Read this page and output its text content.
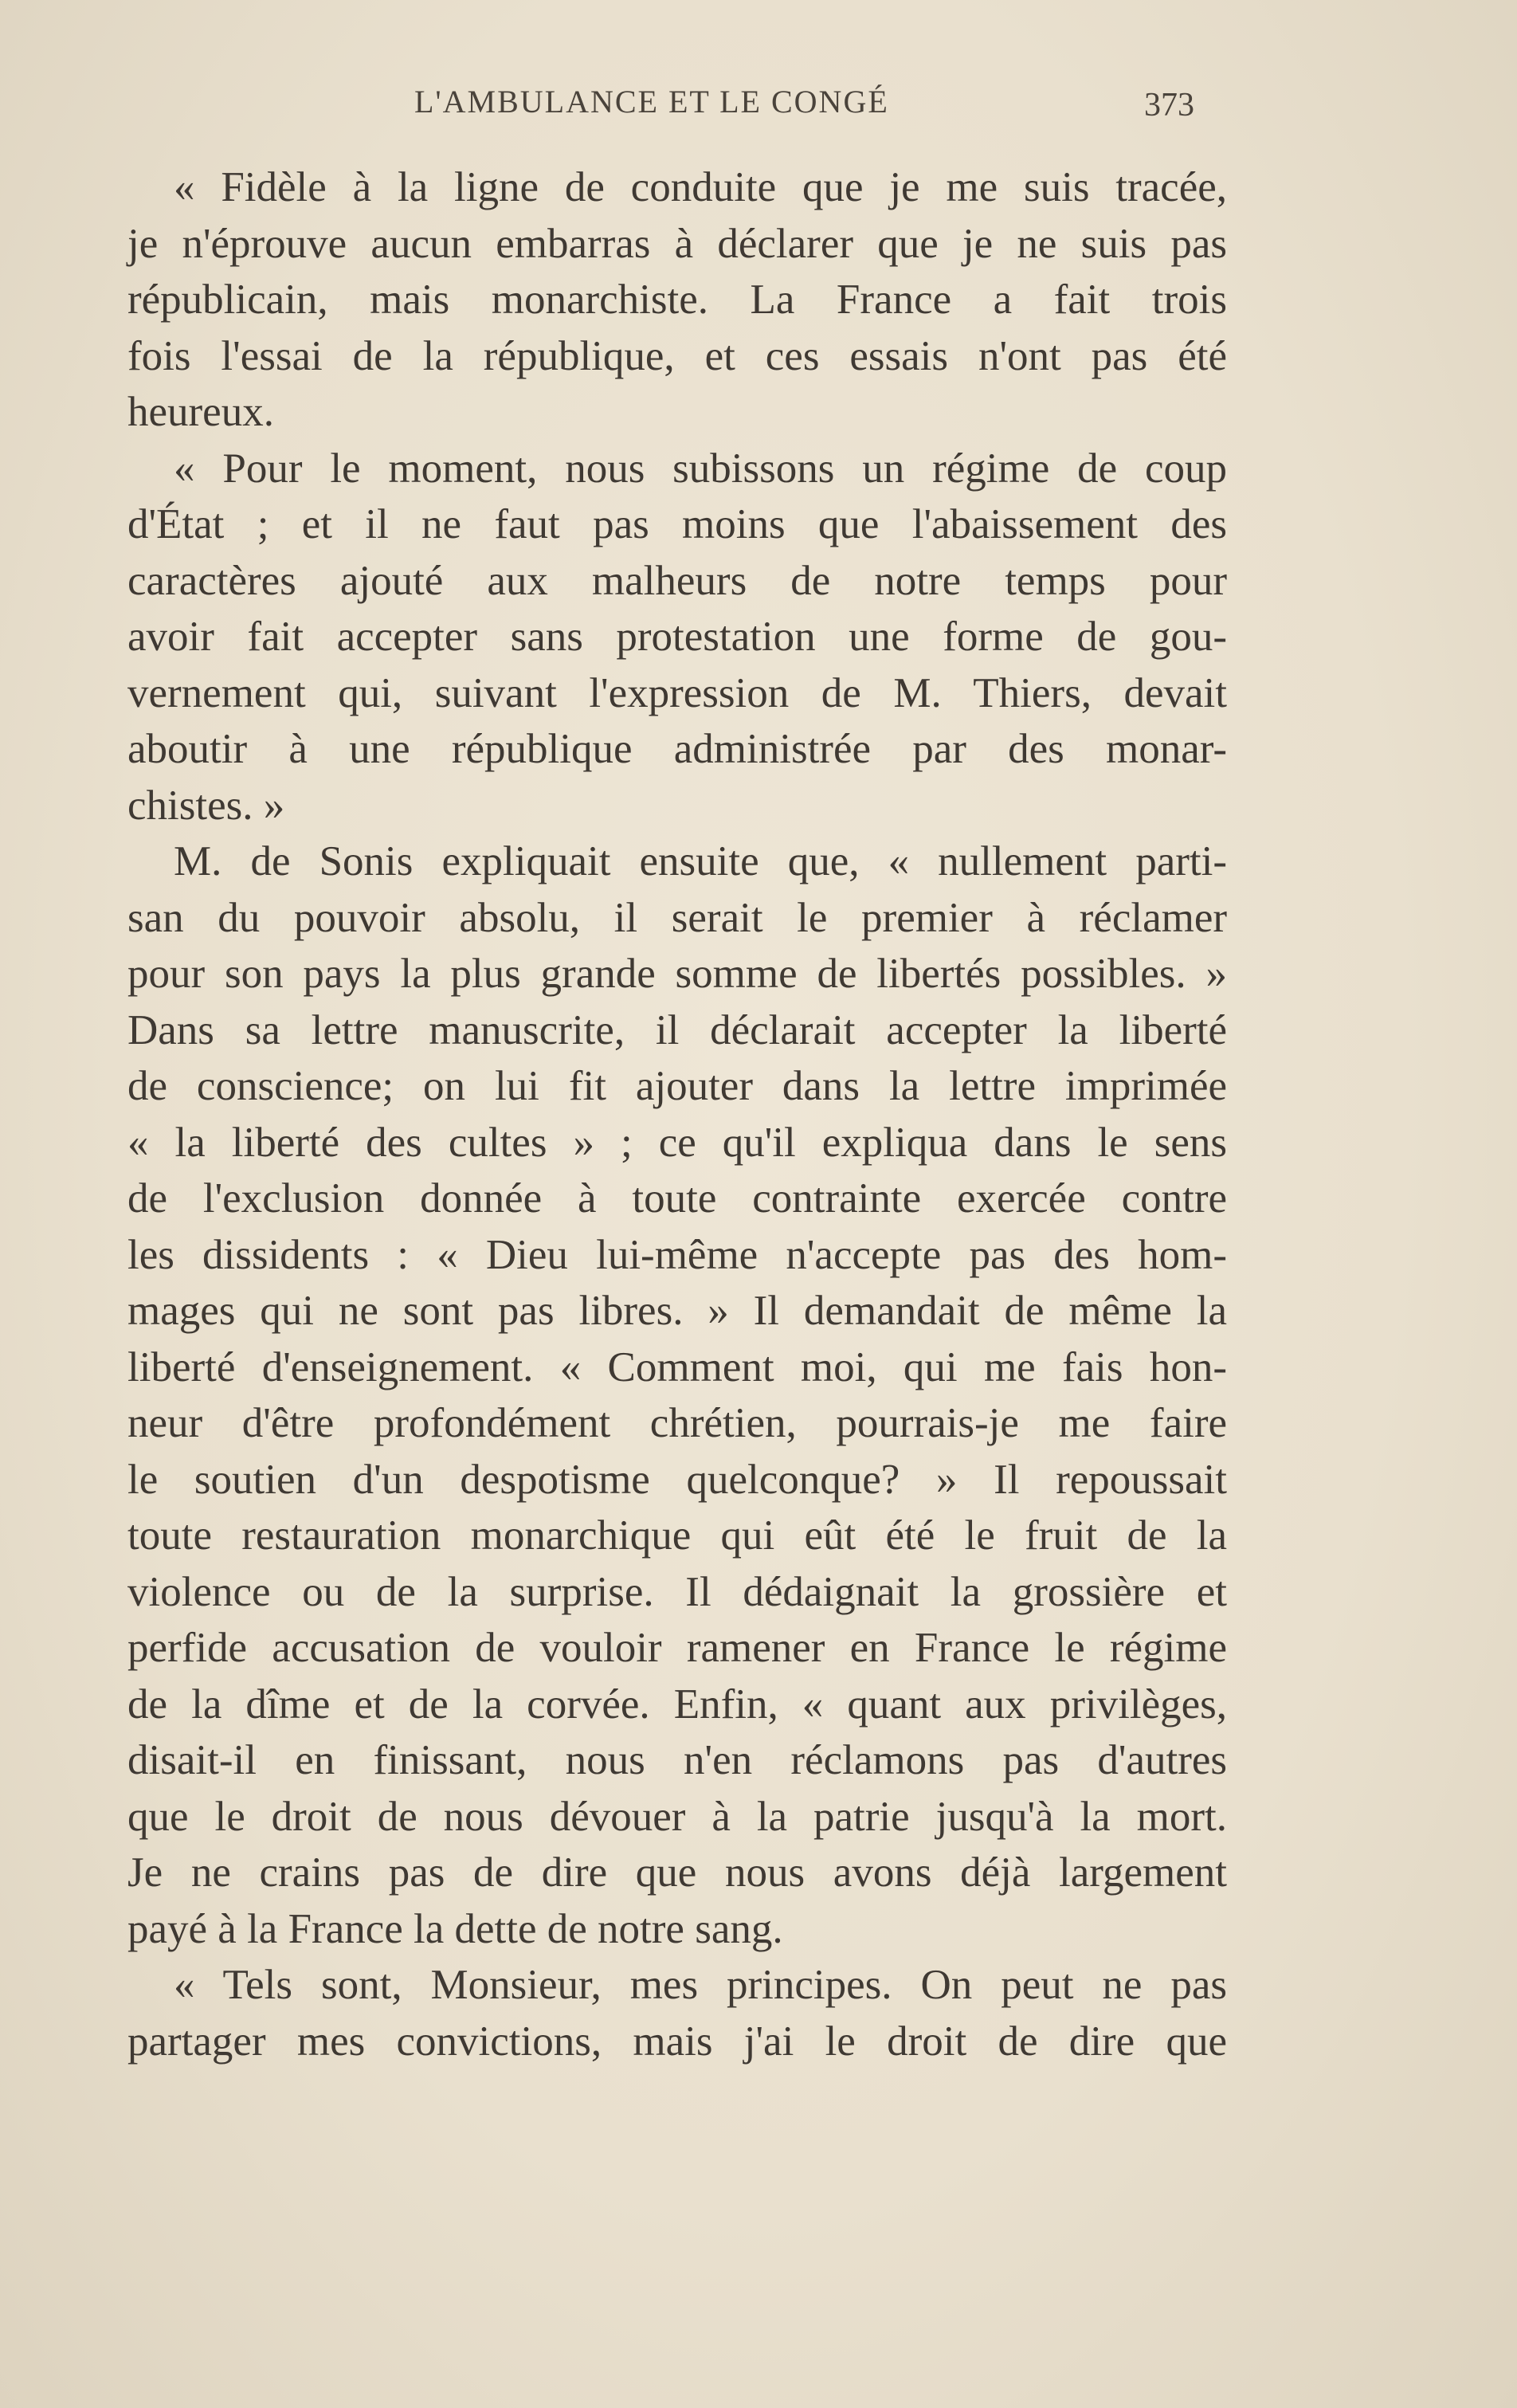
L'AMBULANCE ET LE CONGÉ	373
« Fidèle à la ligne de conduite que je me suis tracée,
je n'éprouve aucun embarras à déclarer que je ne suis pas
républicain, mais monarchiste. La France a fait trois
fois l'essai de la république, et ces essais n'ont pas été
heureux.
« Pour le moment, nous subissons un régime de coup
d'État ; et il ne faut pas moins que l'abaissement des
caractères ajouté aux malheurs de notre temps pour
avoir fait accepter sans protestation une forme de gou-
vernement qui, suivant l'expression de M. Thiers, devait
aboutir à une république administrée par des monar-
chistes. »
M. de Sonis expliquait ensuite que, « nullement parti-
san du pouvoir absolu, il serait le premier à réclamer
pour son pays la plus grande somme de libertés possibles. »
Dans sa lettre manuscrite, il déclarait accepter la liberté
de conscience; on lui fit ajouter dans la lettre imprimée
« la liberté des cultes » ; ce qu'il expliqua dans le sens
de l'exclusion donnée à toute contrainte exercée contre
les dissidents : « Dieu lui-même n'accepte pas des hom-
mages qui ne sont pas libres. » Il demandait de même la
liberté d'enseignement. « Comment moi, qui me fais hon-
neur d'être profondément chrétien, pourrais-je me faire
le soutien d'un despotisme quelconque? » Il repoussait
toute restauration monarchique qui eût été le fruit de la
violence ou de la surprise. Il dédaignait la grossière et
perfide accusation de vouloir ramener en France le régime
de la dîme et de la corvée. Enfin, « quant aux privilèges,
disait-il en finissant, nous n'en réclamons pas d'autres
que le droit de nous dévouer à la patrie jusqu'à la mort.
Je ne crains pas de dire que nous avons déjà largement
payé à la France la dette de notre sang.
« Tels sont, Monsieur, mes principes. On peut ne pas
partager mes convictions, mais j'ai le droit de dire que
